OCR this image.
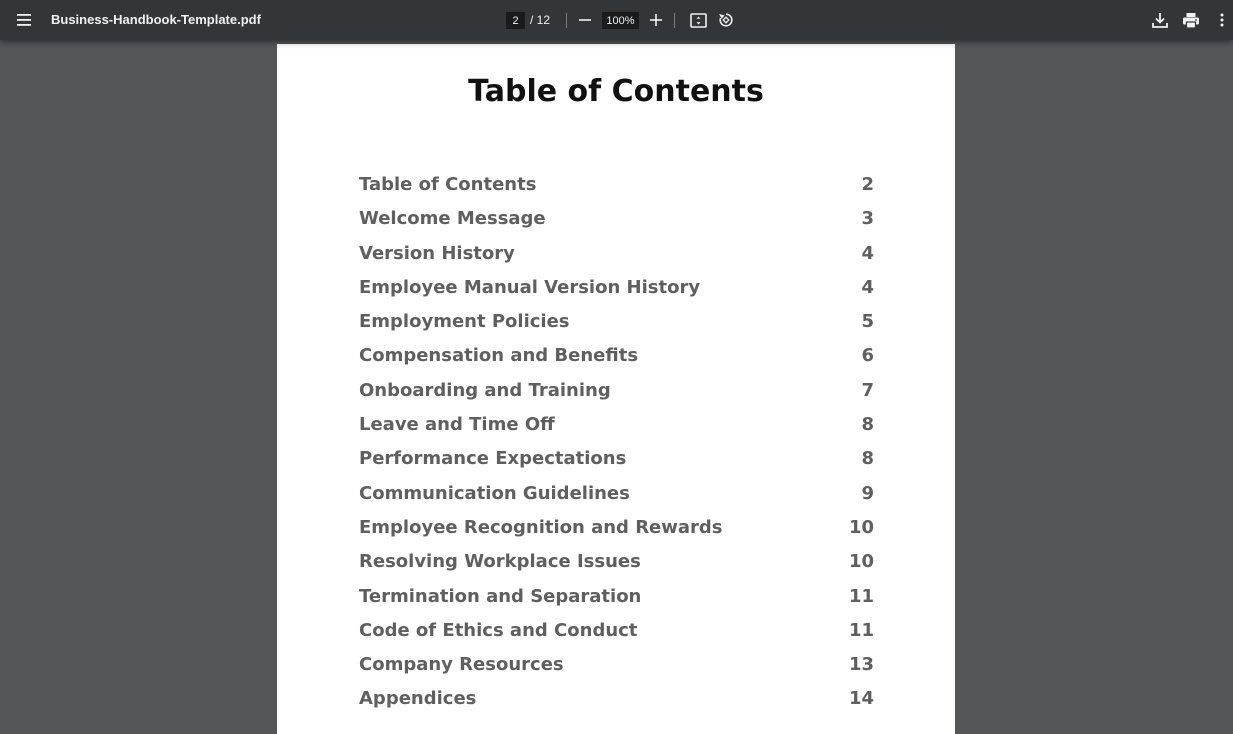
Business-Handbook-Template.pdf
2	/ 12
100%
Table of Contents
Table of Contents	2
Welcome Message	3
Version History	4
Employee Manual Version History	4
Employment Policies	5
Compensation and Benefits	6
Onboarding and Training	7
Leave and Time Off	8
Performance Expectations	8
Communication Guidelines	9
Employee Recognition and Rewards	10
Resolving Workplace Issues	10
Termination and Separation	11
Code of Ethics and Conduct	11
Company Resources	13
Appendices	14
